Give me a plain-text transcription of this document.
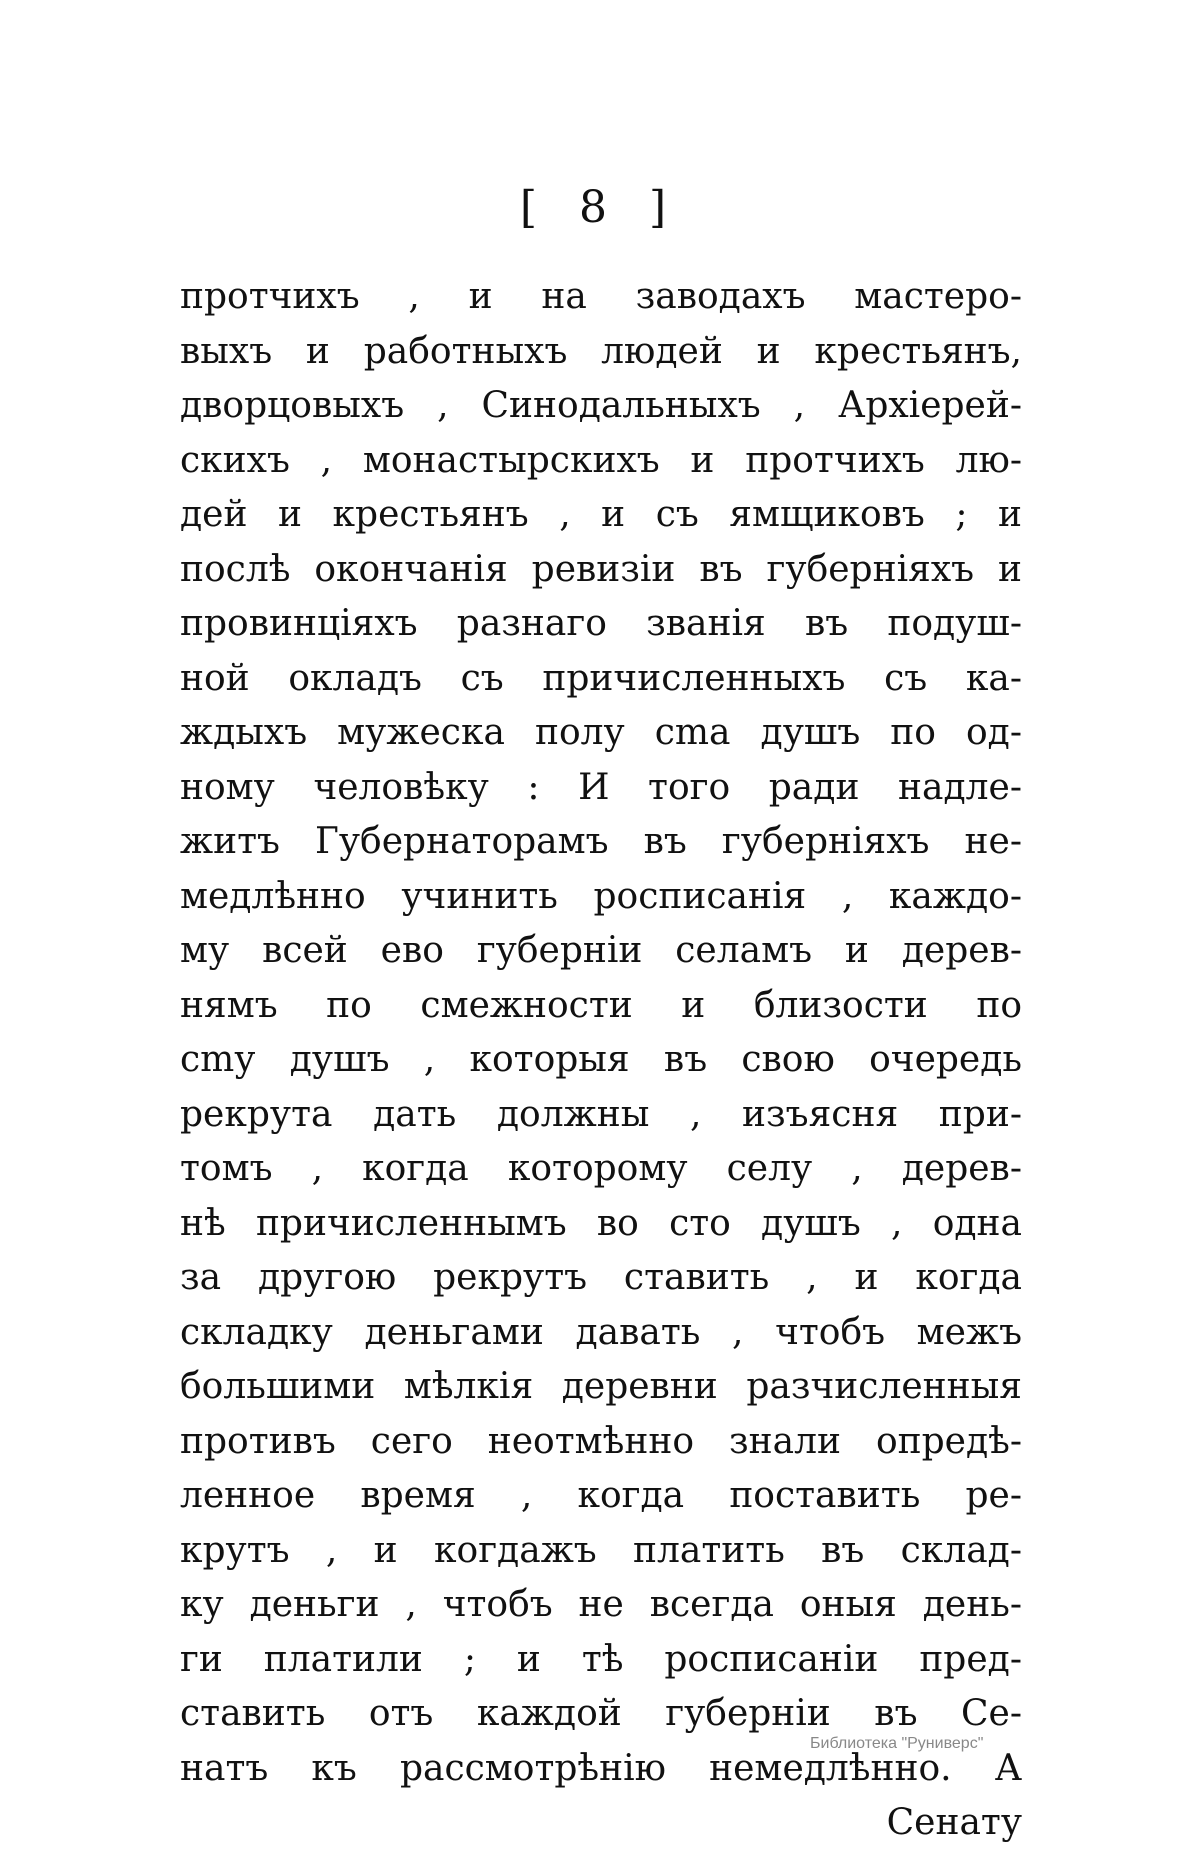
[ 8 ]
протчихъ , и на заводахъ мастеро-
выхъ и работныхъ людей и крестьянъ,
дворцовыхъ , Синодальныхъ , Архiерей-
скихъ , монастырскихъ и протчихъ лю-
дей и крестьянъ , и съ ямщиковъ ; и
послѣ окончанiя ревизiи въ губернiяхъ и
провинцiяхъ разнаго званiя въ подуш-
ной окладъ съ причисленныхъ съ ка-
ждыхъ мужеска полу сmа душъ по од-
ному человѣку : И того ради надле-
житъ Губернаторамъ въ губернiяхъ не-
медлѣнно учинить росписанiя , каждо-
му всей ево губернiи селамъ и дерев-
нямъ по смежности и близости по
сmу душъ , которыя въ свою очередь
рекрута дать должны , изъясня при-
томъ , когда которому селу , дерев-
нѣ причисленнымъ во сто душъ , одна
за другою рекрутъ ставить , и когда
складку деньгами давать , чтобъ межъ
большими мѣлкiя деревни разчисленныя
противъ сего неотмѣнно знали опредѣ-
ленное время , когда поставить ре-
крутъ , и когдажъ платить въ склад-
ку деньги , чтобъ не всегда оныя день-
ги платили ; и тѣ росписанiи пред-
ставить отъ каждой губернiи въ Се-
натъ къ рассмотрѣнiю немедлѣнно. А
Сенату
Библиотека "Руниверс"
